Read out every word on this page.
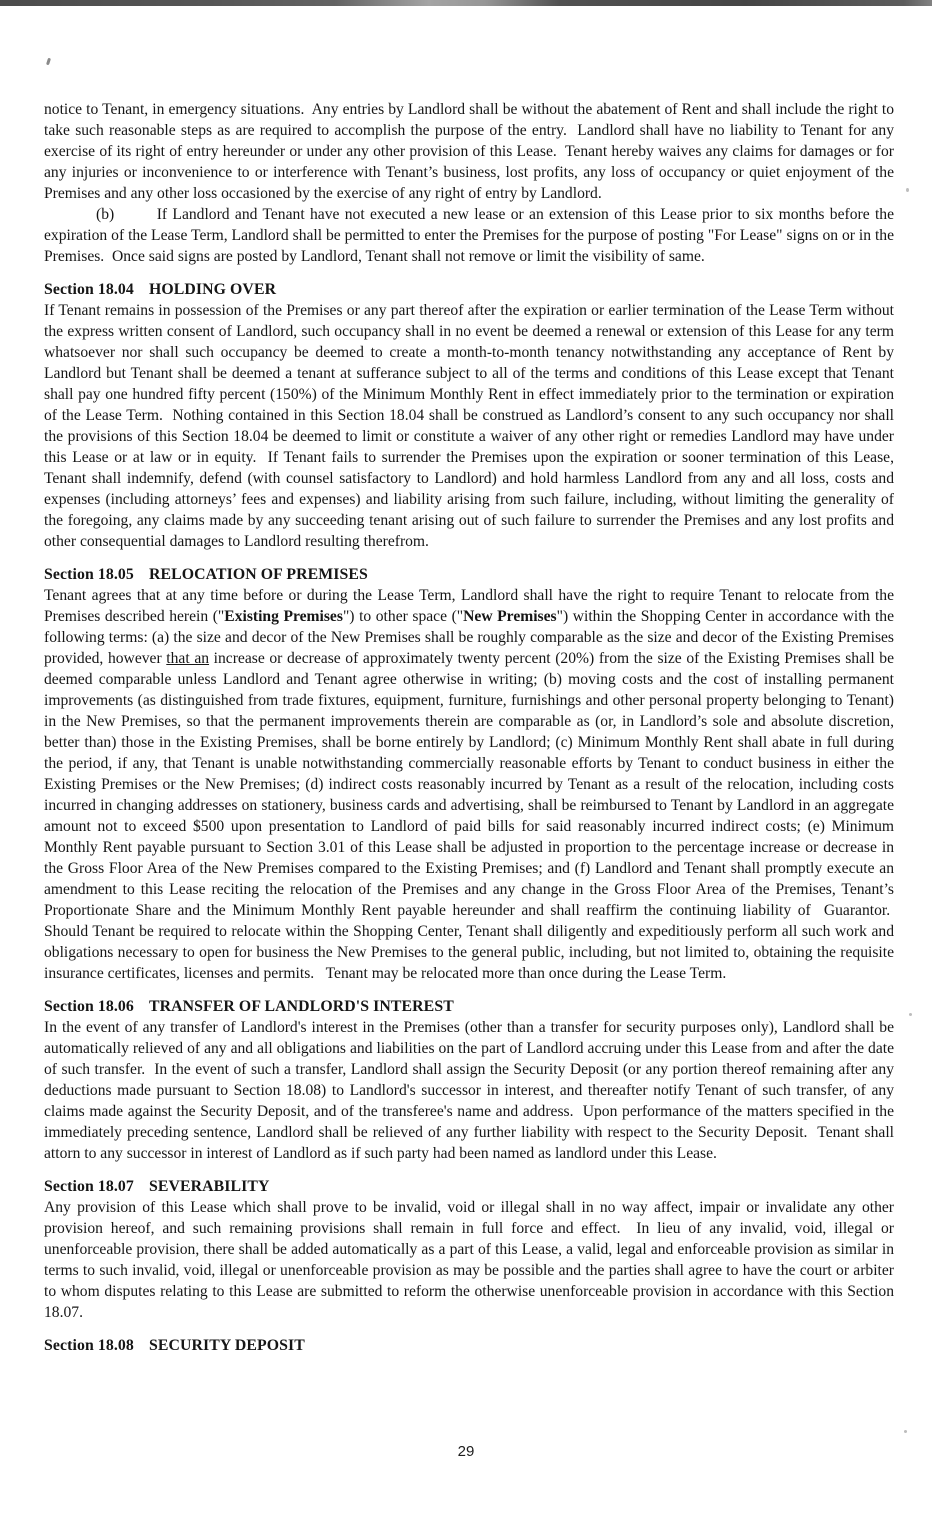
notice to Tenant, in emergency situations.  Any entries by Landlord shall be without the abatement of Rent and shall include the right to take such reasonable steps as are required to accomplish the purpose of the entry.  Landlord shall have no liability to Tenant for any exercise of its right of entry hereunder or under any other provision of this Lease.  Tenant hereby waives any claims for damages or for any injuries or inconvenience to or interference with Tenant’s business, lost profits, any loss of occupancy or quiet enjoyment of the Premises and any other loss occasioned by the exercise of any right of entry by Landlord.

(b)        If Landlord and Tenant have not executed a new lease or an extension of this Lease prior to six months before the expiration of the Lease Term, Landlord shall be permitted to enter the Premises for the purpose of posting "For Lease" signs on or in the Premises.  Once said signs are posted by Landlord, Tenant shall not remove or limit the visibility of same.

Section 18.04 HOLDING OVER

If Tenant remains in possession of the Premises or any part thereof after the expiration or earlier termination of the Lease Term without the express written consent of Landlord, such occupancy shall in no event be deemed a renewal or extension of this Lease for any term whatsoever nor shall such occupancy be deemed to create a month-to-month tenancy notwithstanding any acceptance of Rent by Landlord but Tenant shall be deemed a tenant at sufferance subject to all of the terms and conditions of this Lease except that Tenant shall pay one hundred fifty percent (150%) of the Minimum Monthly Rent in effect immediately prior to the termination or expiration of the Lease Term.  Nothing contained in this Section 18.04 shall be construed as Landlord’s consent to any such occupancy nor shall the provisions of this Section 18.04 be deemed to limit or constitute a waiver of any other right or remedies Landlord may have under this Lease or at law or in equity.  If Tenant fails to surrender the Premises upon the expiration or sooner termination of this Lease, Tenant shall indemnify, defend (with counsel satisfactory to Landlord) and hold harmless Landlord from any and all loss, costs and expenses (including attorneys’ fees and expenses) and liability arising from such failure, including, without limiting the generality of the foregoing, any claims made by any succeeding tenant arising out of such failure to surrender the Premises and any lost profits and other consequential damages to Landlord resulting therefrom.

Section 18.05 RELOCATION OF PREMISES

Tenant agrees that at any time before or during the Lease Term, Landlord shall have the right to require Tenant to relocate from the Premises described herein ("Existing Premises") to other space ("New Premises") within the Shopping Center in accordance with the following terms: (a) the size and decor of the New Premises shall be roughly comparable as the size and decor of the Existing Premises provided, however that an increase or decrease of approximately twenty percent (20%) from the size of the Existing Premises shall be deemed comparable unless Landlord and Tenant agree otherwise in writing; (b) moving costs and the cost of installing permanent improvements (as distinguished from trade fixtures, equipment, furniture, furnishings and other personal property belonging to Tenant) in the New Premises, so that the permanent improvements therein are comparable as (or, in Landlord’s sole and absolute discretion, better than) those in the Existing Premises, shall be borne entirely by Landlord; (c) Minimum Monthly Rent shall abate in full during the period, if any, that Tenant is unable notwithstanding commercially reasonable efforts by Tenant to conduct business in either the Existing Premises or the New Premises; (d) indirect costs reasonably incurred by Tenant as a result of the relocation, including costs incurred in changing addresses on stationery, business cards and advertising, shall be reimbursed to Tenant by Landlord in an aggregate amount not to exceed $500 upon presentation to Landlord of paid bills for said reasonably incurred indirect costs; (e) Minimum Monthly Rent payable pursuant to Section 3.01 of this Lease shall be adjusted in proportion to the percentage increase or decrease in the Gross Floor Area of the New Premises compared to the Existing Premises; and (f) Landlord and Tenant shall promptly execute an amendment to this Lease reciting the relocation of the Premises and any change in the Gross Floor Area of the Premises, Tenant’s Proportionate Share and the Minimum Monthly Rent payable hereunder and shall reaffirm the continuing liability of  Guarantor.  Should Tenant be required to relocate within the Shopping Center, Tenant shall diligently and expeditiously perform all such work and obligations necessary to open for business the New Premises to the general public, including, but not limited to, obtaining the requisite insurance certificates, licenses and permits.   Tenant may be relocated more than once during the Lease Term.

Section 18.06 TRANSFER OF LANDLORD'S INTEREST

In the event of any transfer of Landlord's interest in the Premises (other than a transfer for security purposes only), Landlord shall be automatically relieved of any and all obligations and liabilities on the part of Landlord accruing under this Lease from and after the date of such transfer.  In the event of such a transfer, Landlord shall assign the Security Deposit (or any portion thereof remaining after any deductions made pursuant to Section 18.08) to Landlord's successor in interest, and thereafter notify Tenant of such transfer, of any claims made against the Security Deposit, and of the transferee's name and address.  Upon performance of the matters specified in the immediately preceding sentence, Landlord shall be relieved of any further liability with respect to the Security Deposit.  Tenant shall attorn to any successor in interest of Landlord as if such party had been named as landlord under this Lease.

Section 18.07 SEVERABILITY

Any provision of this Lease which shall prove to be invalid, void or illegal shall in no way affect, impair or invalidate any other provision hereof, and such remaining provisions shall remain in full force and effect.  In lieu of any invalid, void, illegal or unenforceable provision, there shall be added automatically as a part of this Lease, a valid, legal and enforceable provision as similar in terms to such invalid, void, illegal or unenforceable provision as may be possible and the parties shall agree to have the court or arbiter to whom disputes relating to this Lease are submitted to reform the otherwise unenforceable provision in accordance with this Section 18.07.

Section 18.08 SECURITY DEPOSIT
29
